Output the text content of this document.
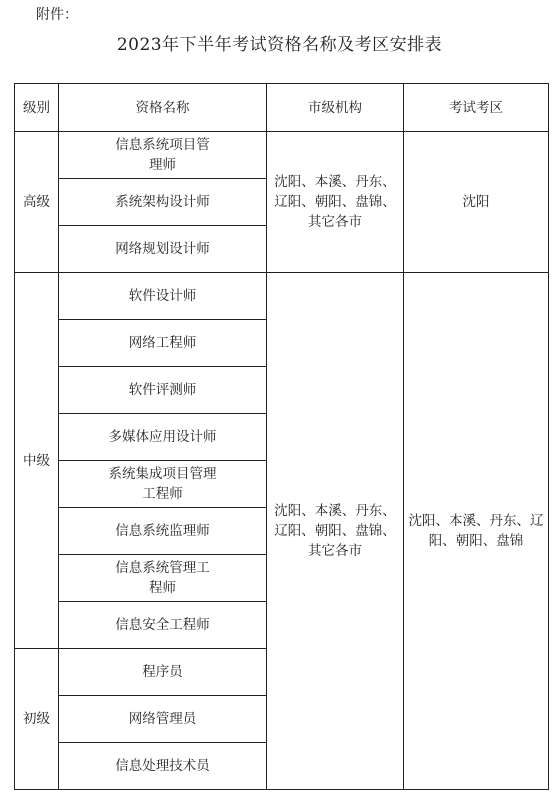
附件：
2023年下半年考试资格名称及考区安排表
级别	资格名称	市级机构	考试考区
高级	信息系统项目管理师	沈阳、本溪、丹东、辽阳、朝阳、盘锦、其它各市	沈阳
	系统架构设计师		
	网络规划设计师		
中级	软件设计师	沈阳、本溪、丹东、辽阳、朝阳、盘锦、其它各市	沈阳、本溪、丹东、辽阳、朝阳、盘锦
	网络工程师		
	软件评测师		
	多媒体应用设计师		
	系统集成项目管理工程师		
	信息系统监理师		
	信息系统管理工程师		
	信息安全工程师		
初级	程序员		
	网络管理员		
	信息处理技术员		
